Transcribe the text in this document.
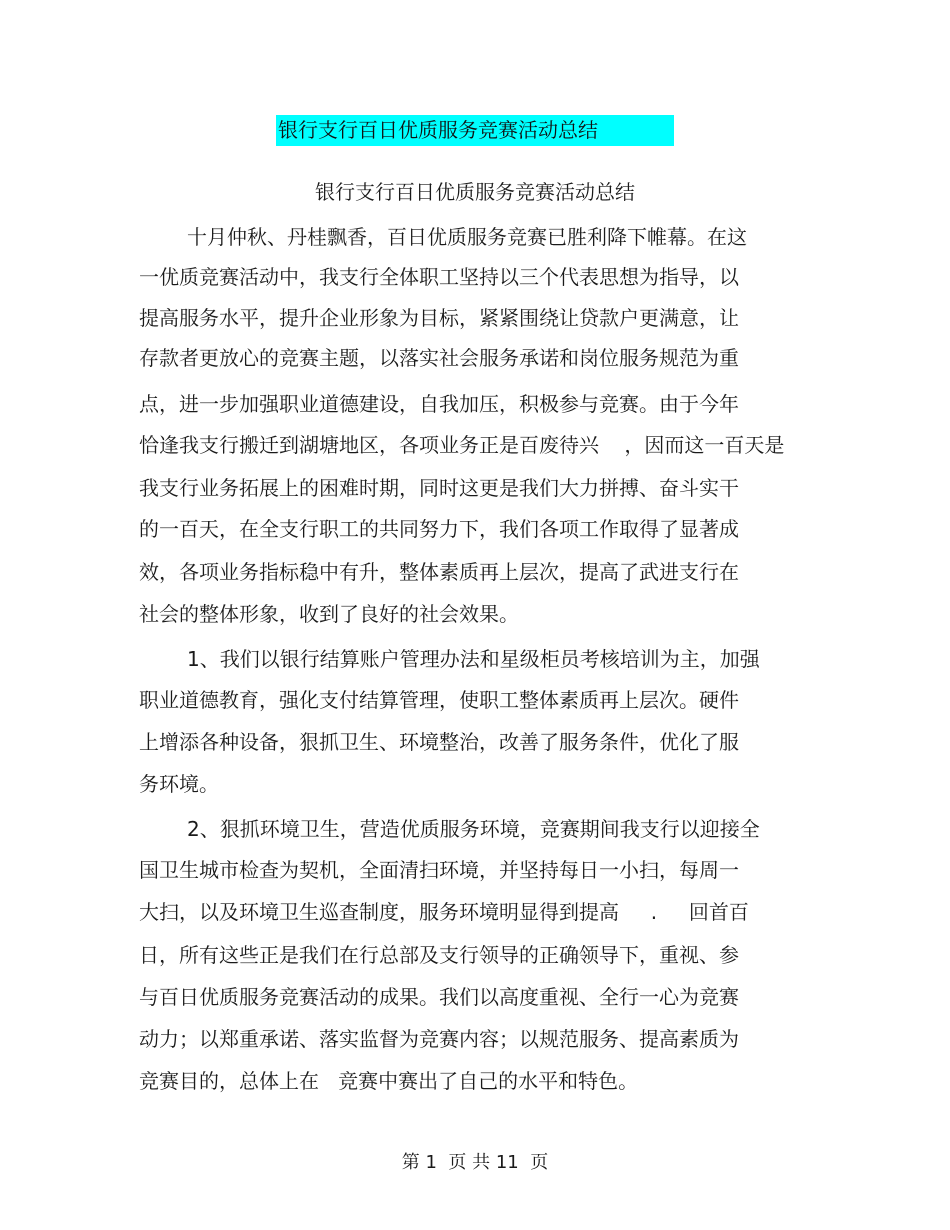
银行支行百日优质服务竞赛活动总结
银行支行百日优质服务竞赛活动总结
十月仲秋、丹桂飘香，百日优质服务竞赛已胜利降下帷幕。在这
一优质竞赛活动中，我支行全体职工坚持以三个代表思想为指导，以
提高服务水平，提升企业形象为目标，紧紧围绕让贷款户更满意，让
存款者更放心的竞赛主题，以落实社会服务承诺和岗位服务规范为重
点，进一步加强职业道德建设，自我加压，积极参与竞赛。由于今年
恰逢我支行搬迁到湖塘地区，各项业务正是百废待兴    ，因而这一百天是
我支行业务拓展上的困难时期，同时这更是我们大力拼搏、奋斗实干
的一百天，在全支行职工的共同努力下，我们各项工作取得了显著成
效，各项业务指标稳中有升，整体素质再上层次，提高了武进支行在
社会的整体形象，收到了良好的社会效果。
1、我们以银行结算账户管理办法和星级柜员考核培训为主，加强
职业道德教育，强化支付结算管理，使职工整体素质再上层次。硬件
上增添各种设备，狠抓卫生、环境整治，改善了服务条件，优化了服
务环境。
2、狠抓环境卫生，营造优质服务环境，竞赛期间我支行以迎接全
国卫生城市检查为契机，全面清扫环境，并坚持每日一小扫，每周一
大扫，以及环境卫生巡查制度，服务环境明显得到提高     .     回首百
日，所有这些正是我们在行总部及支行领导的正确领导下，重视、参
与百日优质服务竞赛活动的成果。我们以高度重视、全行一心为竞赛
动力；以郑重承诺、落实监督为竞赛内容；以规范服务、提高素质为
竞赛目的，总体上在   竞赛中赛出了自己的水平和特色。
第 1  页 共 11  页
